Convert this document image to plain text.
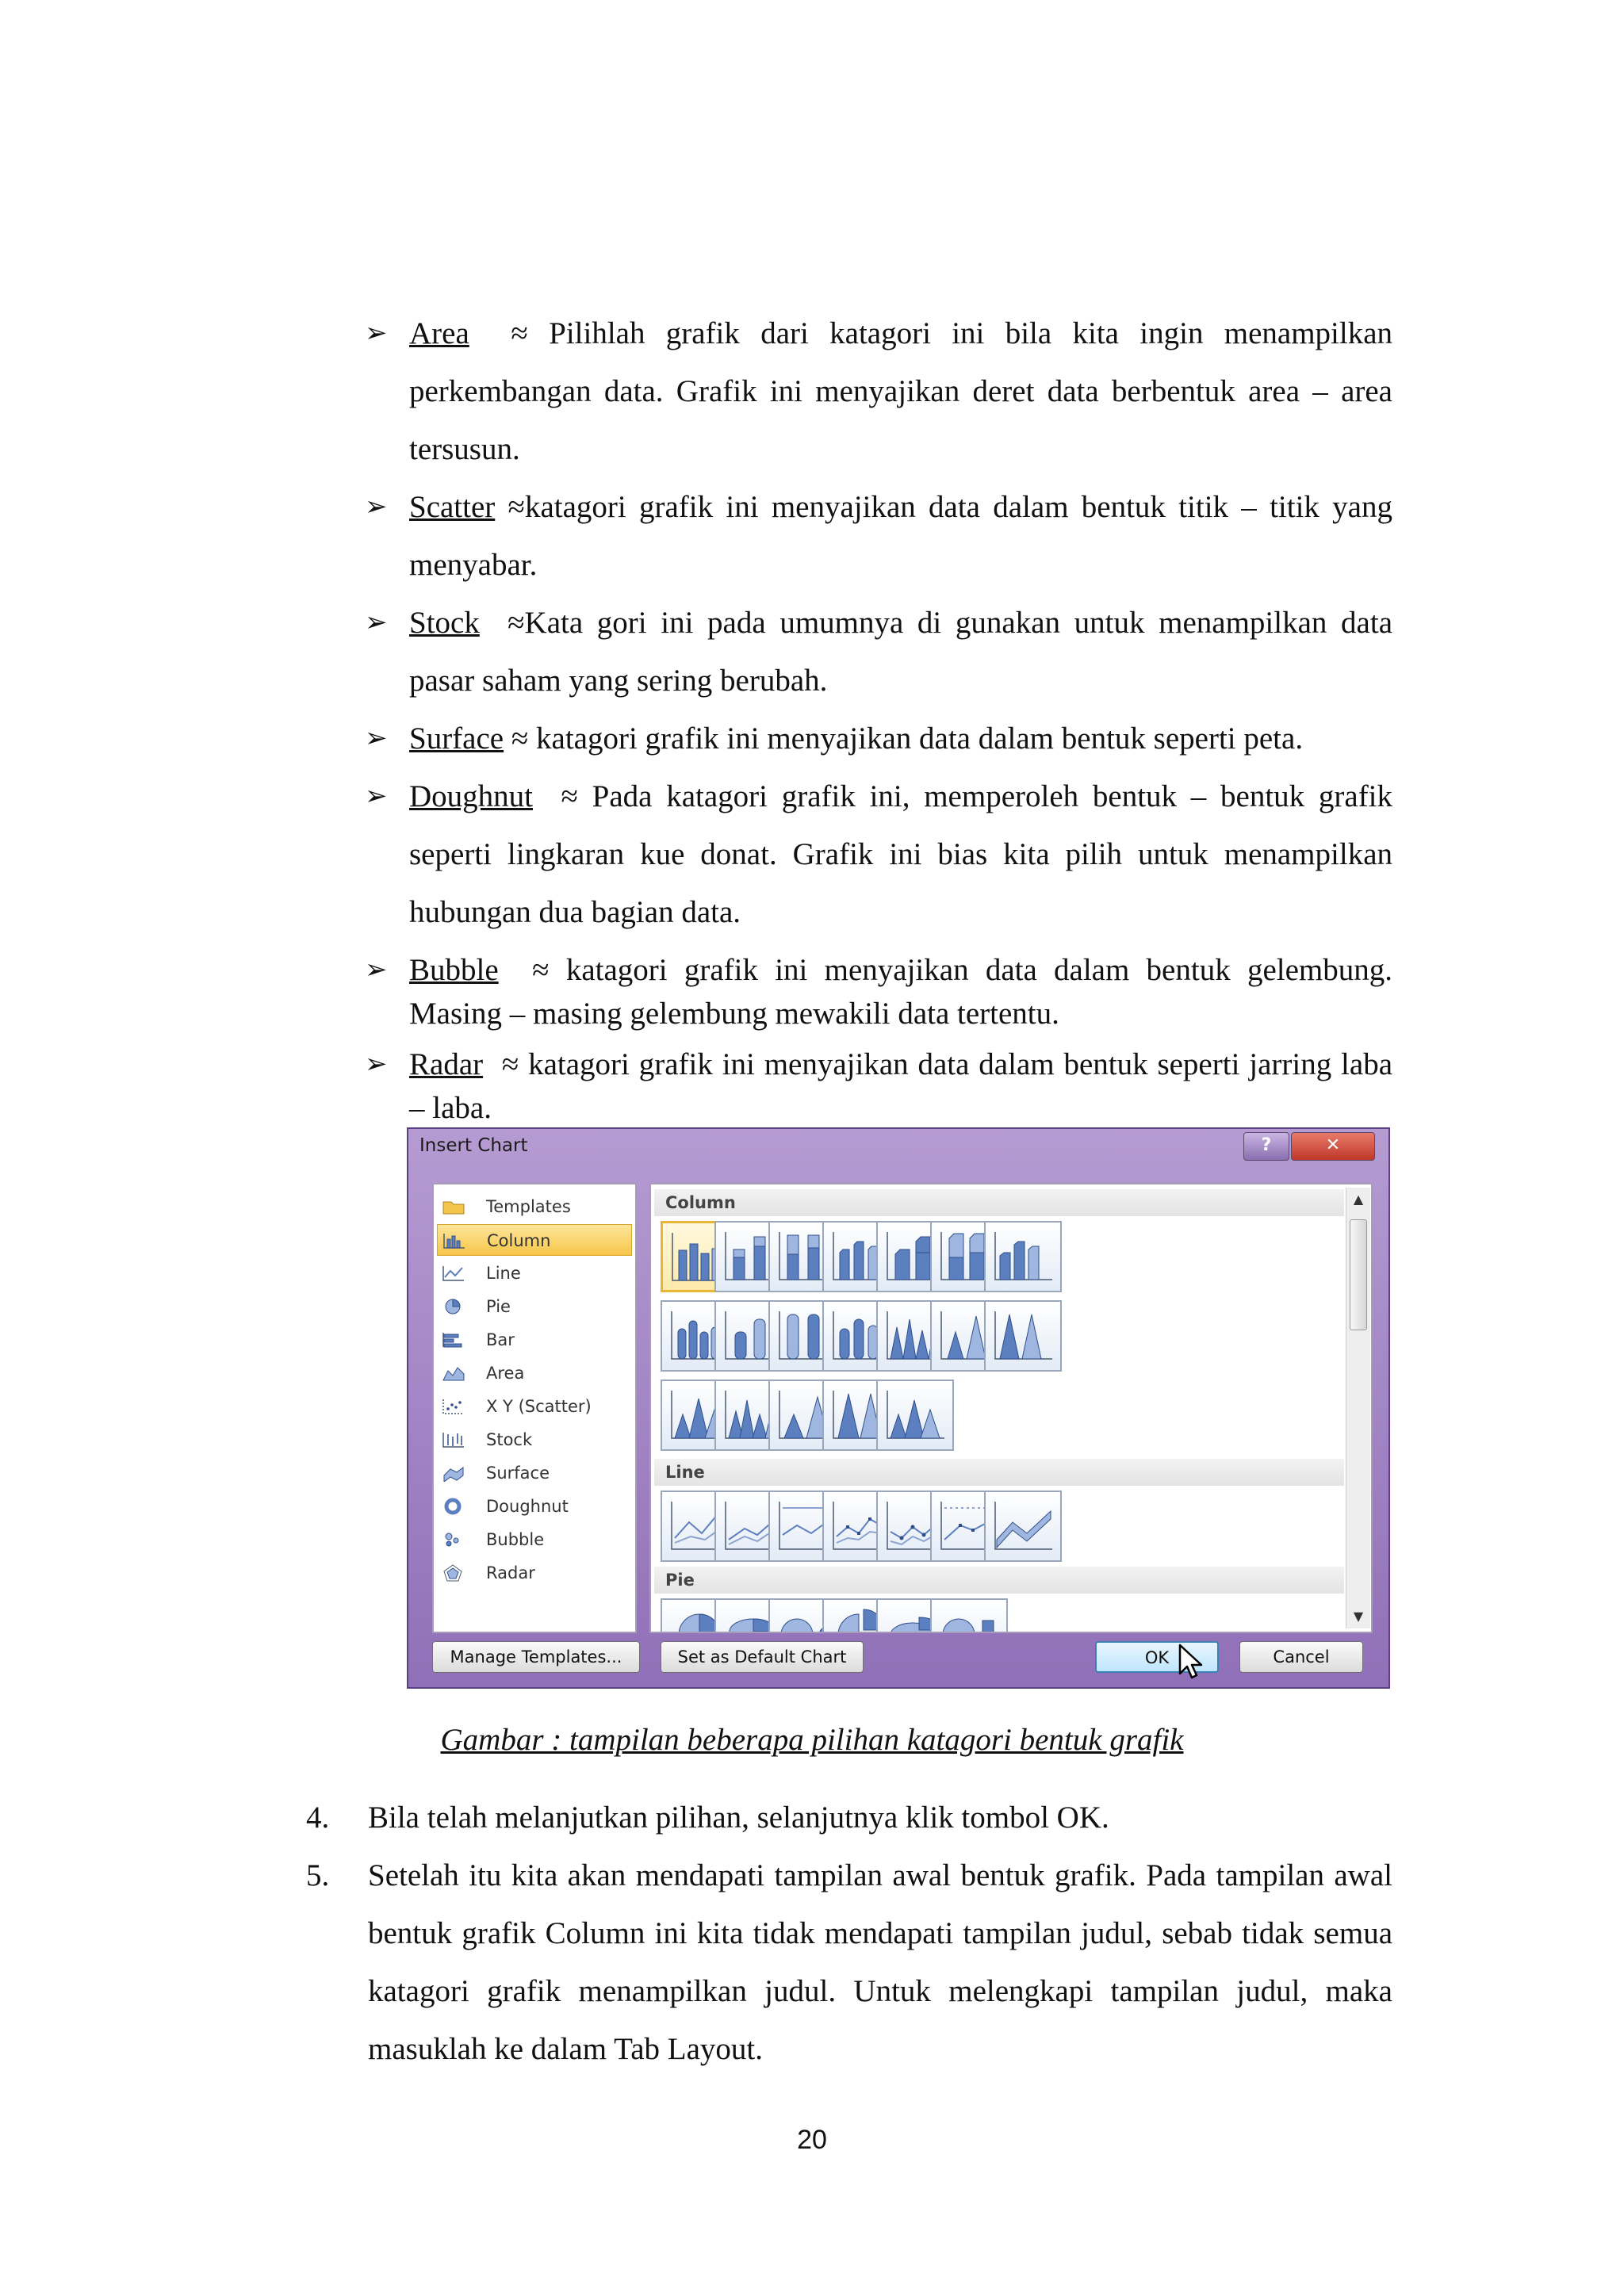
➢ Area ≈ Pilihlah grafik dari katagori ini bila kita ingin menampilkan perkembangan data. Grafik ini menyajikan deret data berbentuk area – area tersusun.
➢ Scatter ≈katagori grafik ini menyajikan data dalam bentuk titik – titik yang menyabar.
➢ Stock ≈Kata gori ini pada umumnya di gunakan untuk menampilkan data pasar saham yang sering berubah.
➢ Surface ≈ katagori grafik ini menyajikan data dalam bentuk seperti peta.
➢ Doughnut ≈ Pada katagori grafik ini, memperoleh bentuk – bentuk grafik seperti lingkaran kue donat. Grafik ini bias kita pilih untuk menampilkan hubungan dua bagian data.
➢ Bubble ≈ katagori grafik ini menyajikan data dalam bentuk gelembung. Masing – masing gelembung mewakili data tertentu.
➢ Radar ≈ katagori grafik ini menyajikan data dalam bentuk seperti jarring laba – laba.
Insert Chart	?	✕
Templates
Column
Line
Pie
Bar
Area
X Y (Scatter)
Stock
Surface
Doughnut
Bubble
Radar
Column
Line
Pie
▲
▼
Manage Templates...	Set as Default Chart	OK	Cancel
Gambar : tampilan beberapa pilihan katagori bentuk grafik
4. Bila telah melanjutkan pilihan, selanjutnya klik tombol OK.
5. Setelah itu kita akan mendapati tampilan awal bentuk grafik. Pada tampilan awal bentuk grafik Column ini kita tidak mendapati tampilan judul, sebab tidak semua katagori grafik menampilkan judul. Untuk melengkapi tampilan judul, maka masuklah ke dalam Tab Layout.
20
